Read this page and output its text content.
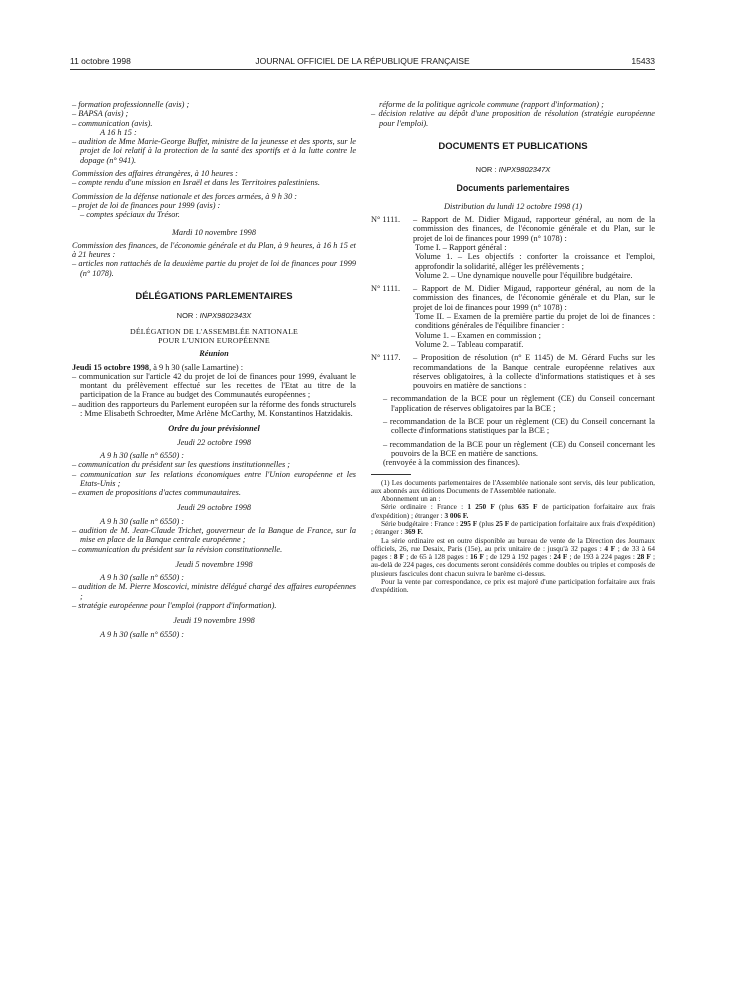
11 octobre 1998	JOURNAL OFFICIEL DE LA RÉPUBLIQUE FRANÇAISE	15433

– formation professionnelle (avis) ;

– BAPSA (avis) ;

– communication (avis).

A 16 h 15 :

– audition de Mme Marie-George Buffet, ministre de la jeunesse et des sports, sur le projet de loi relatif à la protection de la santé des sportifs et à la lutte contre le dopage (n° 941).

Commission des affaires étrangères, à 10 heures :

– compte rendu d'une mission en Israël et dans les Territoires palestiniens.

Commission de la défense nationale et des forces armées, à 9 h 30 :

– projet de loi de finances pour 1999 (avis) :

– comptes spéciaux du Trésor.

Mardi 10 novembre 1998

Commission des finances, de l'économie générale et du Plan, à 9 heures, à 16 h 15 et à 21 heures :

– articles non rattachés de la deuxième partie du projet de loi de finances pour 1999 (n° 1078).

DÉLÉGATIONS PARLEMENTAIRES

NOR : INPX9802343X

DÉLÉGATION DE L'ASSEMBLÉE NATIONALE

POUR L'UNION EUROPÉENNE

Réunion

Jeudi 15 octobre 1998, à 9 h 30 (salle Lamartine) :

– communication sur l'article 42 du projet de loi de finances pour 1999, évaluant le montant du prélèvement effectué sur les recettes de l'Etat au titre de la participation de la France au budget des Communautés européennes ;

– audition des rapporteurs du Parlement européen sur la réforme des fonds structurels : Mme Elisabeth Schroedter, Mme Arlène McCarthy, M. Konstantinos Hatzidakis.

Ordre du jour prévisionnel

Jeudi 22 octobre 1998

A 9 h 30 (salle n° 6550) :

– communication du président sur les questions institutionnelles ;

– communication sur les relations économiques entre l'Union européenne et les Etats-Unis ;

– examen de propositions d'actes communautaires.

Jeudi 29 octobre 1998

A 9 h 30 (salle n° 6550) :

– audition de M. Jean-Claude Trichet, gouverneur de la Banque de France, sur la mise en place de la Banque centrale européenne ;

– communication du président sur la révision constitutionnelle.

Jeudi 5 novembre 1998

A 9 h 30 (salle n° 6550) :

– audition de M. Pierre Moscovici, ministre délégué chargé des affaires européennes ;

– stratégie européenne pour l'emploi (rapport d'information).

Jeudi 19 novembre 1998

A 9 h 30 (salle n° 6550) :

réforme de la politique agricole commune (rapport d'information) ;

– décision relative au dépôt d'une proposition de résolution (stratégie européenne pour l'emploi).

DOCUMENTS ET PUBLICATIONS

NOR : INPX9802347X

Documents parlementaires

Distribution du lundi 12 octobre 1998 (1)

N° 1111.	– Rapport de M. Didier Migaud, rapporteur général, au nom de la commission des finances, de l'économie générale et du Plan, sur le projet de loi de finances pour 1999 (n° 1078) :

Tome I. – Rapport général :

Volume 1. – Les objectifs : conforter la croissance et l'emploi, approfondir la solidarité, alléger les prélèvements ;

Volume 2. – Une dynamique nouvelle pour l'équilibre budgétaire.

N° 1111.	– Rapport de M. Didier Migaud, rapporteur général, au nom de la commission des finances, de l'économie générale et du Plan, sur le projet de loi de finances pour 1999 (n° 1078) :

Tome II. – Examen de la première partie du projet de loi de finances : conditions générales de l'équilibre financier :

Volume 1. – Examen en commission ;

Volume 2. – Tableau comparatif.

N° 1117.	– Proposition de résolution (n° E 1145) de M. Gérard Fuchs sur les recommandations de la Banque centrale européenne relatives aux réserves obligatoires, à la collecte d'informations statistiques et à ses pouvoirs en matière de sanctions :

– recommandation de la BCE pour un règlement (CE) du Conseil concernant l'application de réserves obligatoires par la BCE ;

– recommandation de la BCE pour un règlement (CE) du Conseil concernant la collecte d'informations statistiques par la BCE ;

– recommandation de la BCE pour un règlement (CE) du Conseil concernant les pouvoirs de la BCE en matière de sanctions.

(renvoyée à la commission des finances).

(1) Les documents parlementaires de l'Assemblée nationale sont servis, dès leur publication, aux abonnés aux éditions Documents de l'Assemblée nationale.

Abonnement un an :

Série ordinaire : France : 1 250 F (plus 635 F de participation forfaitaire aux frais d'expédition) ; étranger : 3 006 F.

Série budgétaire : France : 295 F (plus 25 F de participation forfaitaire aux frais d'expédition) ; étranger : 369 F.

La série ordinaire est en outre disponible au bureau de vente de la Direction des Journaux officiels, 26, rue Desaix, Paris (15e), au prix unitaire de : jusqu'à 32 pages : 4 F ; de 33 à 64 pages : 8 F ; de 65 à 128 pages : 16 F ; de 129 à 192 pages : 24 F ; de 193 à 224 pages : 28 F ; au-delà de 224 pages, ces documents seront considérés comme doubles ou triples et composés de plusieurs fascicules dont chacun suivra le barème ci-dessus.

Pour la vente par correspondance, ce prix est majoré d'une participation forfaitaire aux frais d'expédition.
